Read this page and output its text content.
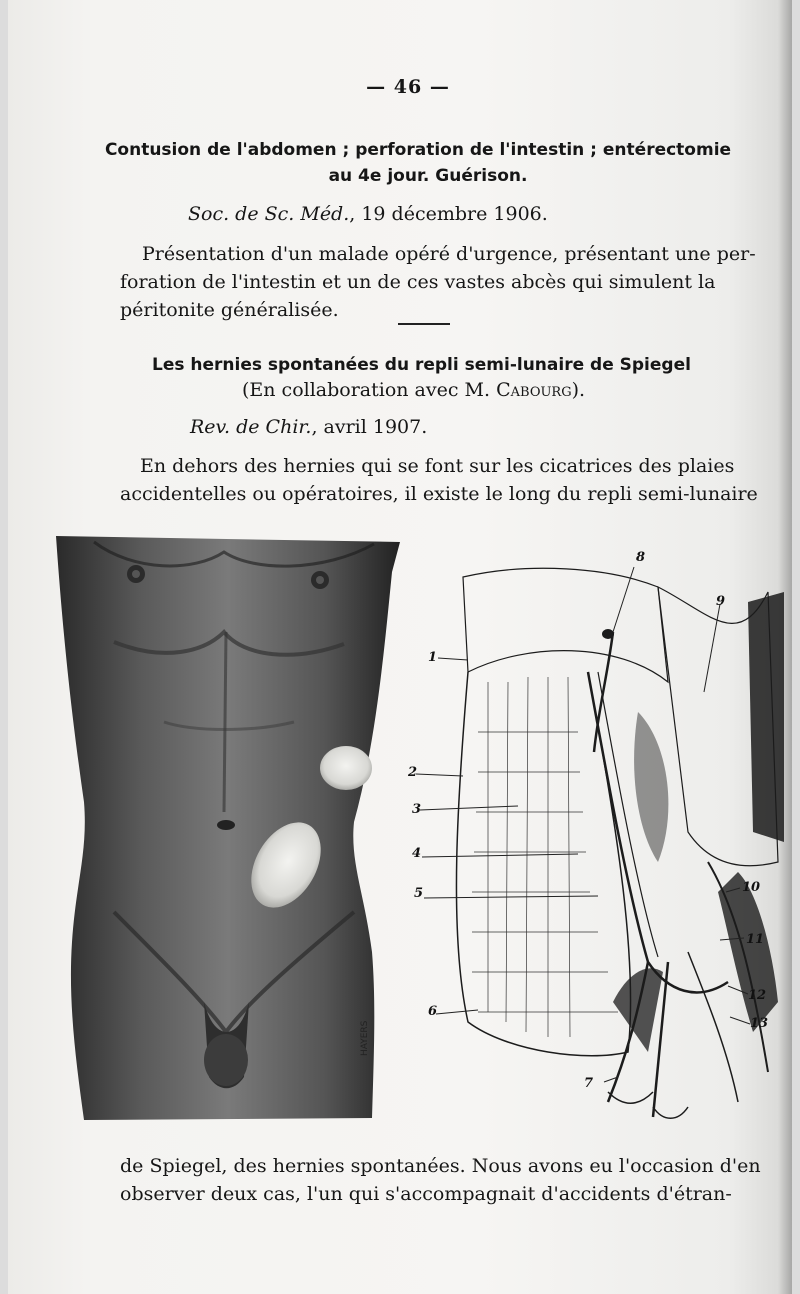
— 46 —
Contusion de l'abdomen ; perforation de l'intestin ; entérectomie
au 4e jour. Guérison.
Soc. de Sc. Méd., 19 décembre 1906.
Présentation d'un malade opéré d'urgence, présentant une per-
foration de l'intestin et un de ces vastes abcès qui simulent la
péritonite généralisée.
Les hernies spontanées du repli semi-lunaire de Spiegel
(En collaboration avec M. Cabourg).
Rev. de Chir., avril 1907.
En dehors des hernies qui se font sur les cicatrices des plaies
accidentelles ou opératoires, il existe le long du repli semi-lunaire
HAYERS
1
2
3
4
5
6
7
8
9
10
11
12
13
de Spiegel, des hernies spontanées. Nous avons eu l'occasion d'en
observer deux cas, l'un qui s'accompagnait d'accidents d'étran-
